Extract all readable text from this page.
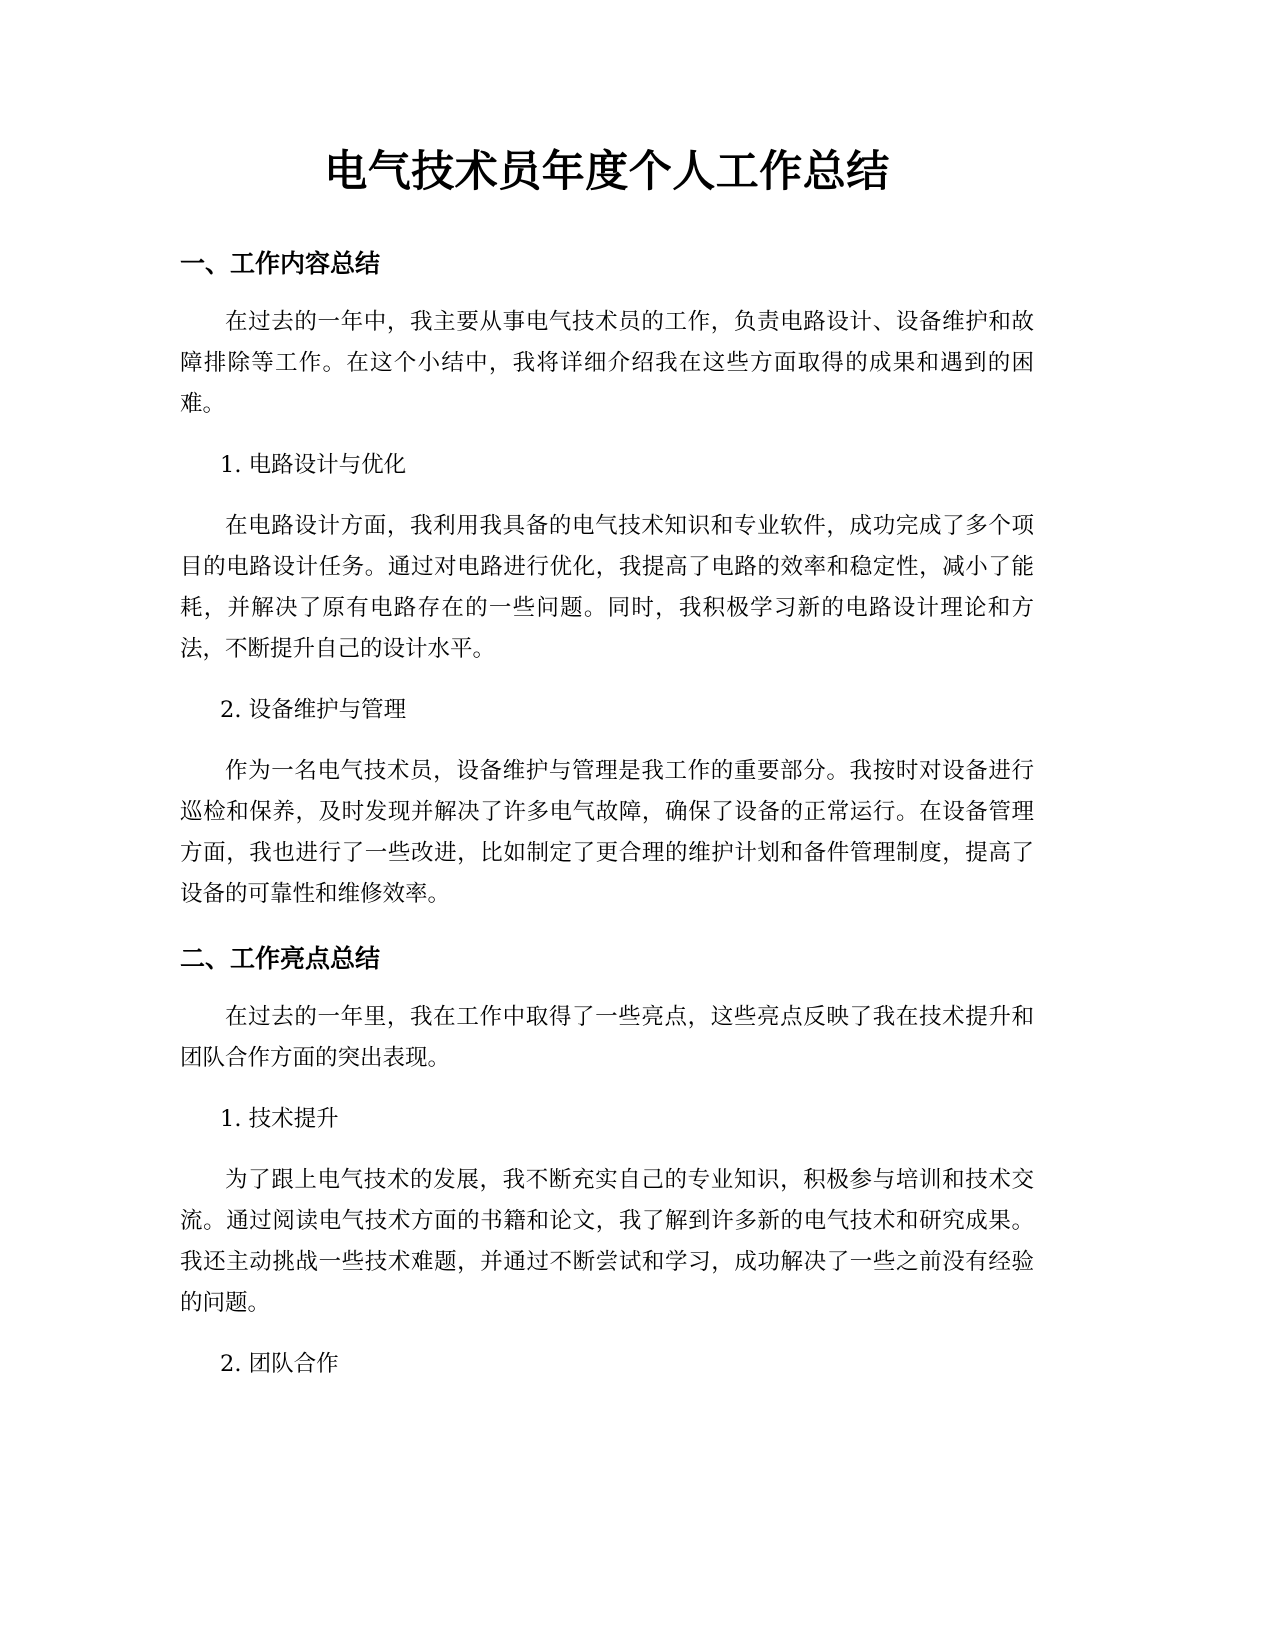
电气技术员年度个人工作总结
一、工作内容总结

在过去的一年中，我主要从事电气技术员的工作，负责电路设计、设备维护和故障排除等工作。在这个小结中，我将详细介绍我在这些方面取得的成果和遇到的困难。

1. 电路设计与优化

在电路设计方面，我利用我具备的电气技术知识和专业软件，成功完成了多个项目的电路设计任务。通过对电路进行优化，我提高了电路的效率和稳定性，减小了能耗，并解决了原有电路存在的一些问题。同时，我积极学习新的电路设计理论和方法，不断提升自己的设计水平。

2. 设备维护与管理

作为一名电气技术员，设备维护与管理是我工作的重要部分。我按时对设备进行巡检和保养，及时发现并解决了许多电气故障，确保了设备的正常运行。在设备管理方面，我也进行了一些改进，比如制定了更合理的维护计划和备件管理制度，提高了设备的可靠性和维修效率。

二、工作亮点总结

在过去的一年里，我在工作中取得了一些亮点，这些亮点反映了我在技术提升和团队合作方面的突出表现。

1. 技术提升

为了跟上电气技术的发展，我不断充实自己的专业知识，积极参与培训和技术交流。通过阅读电气技术方面的书籍和论文，我了解到许多新的电气技术和研究成果。我还主动挑战一些技术难题，并通过不断尝试和学习，成功解决了一些之前没有经验的问题。

2. 团队合作
